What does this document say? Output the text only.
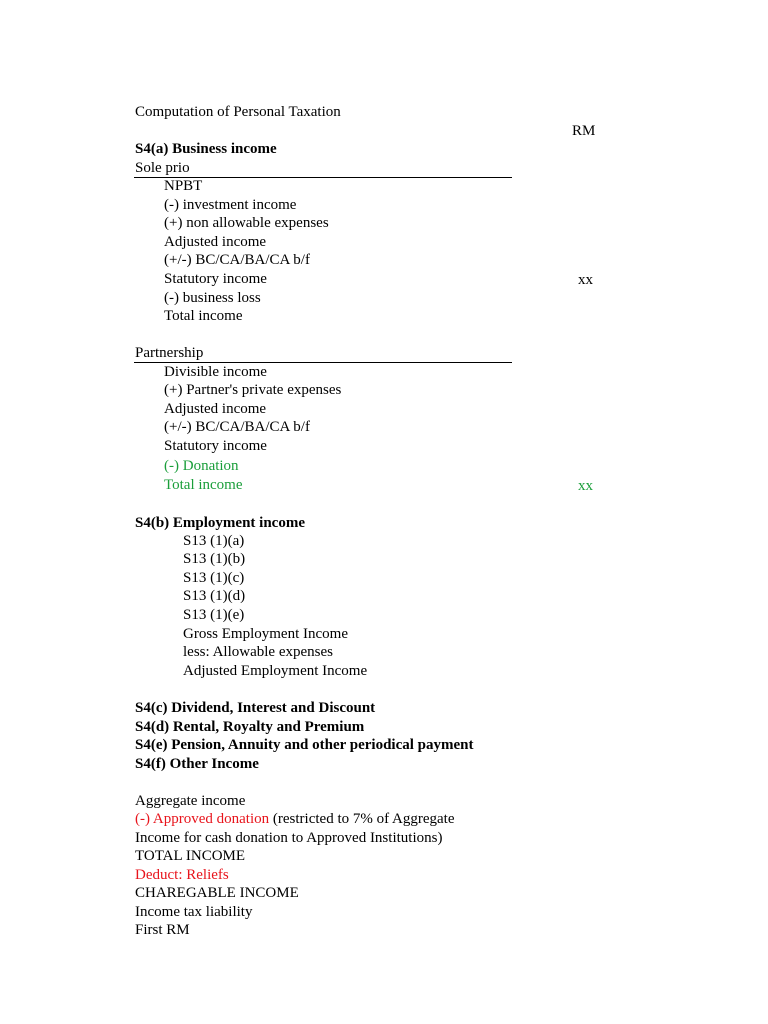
Computation of Personal Taxation
RM
S4(a) Business income
Sole prio
NPBT
(-) investment income
(+) non allowable expenses
Adjusted income
(+/-) BC/CA/BA/CA b/f
Statutory income	xx
(-) business loss
Total income
Partnership
Divisible income
(+) Partner's private expenses
Adjusted income
(+/-) BC/CA/BA/CA b/f
Statutory income
(-) Donation
Total income	xx
S4(b) Employment income
S13 (1)(a)
S13 (1)(b)
S13 (1)(c)
S13 (1)(d)
S13 (1)(e)
Gross Employment Income
less: Allowable expenses
Adjusted Employment Income
S4(c) Dividend, Interest and Discount
S4(d) Rental, Royalty and Premium
S4(e) Pension, Annuity and other periodical payment
S4(f) Other Income
Aggregate income
(-) Approved donation (restricted to 7% of Aggregate
Income for cash donation to Approved Institutions)
TOTAL INCOME
Deduct: Reliefs
CHAREGABLE INCOME
Income tax liability
First RM
